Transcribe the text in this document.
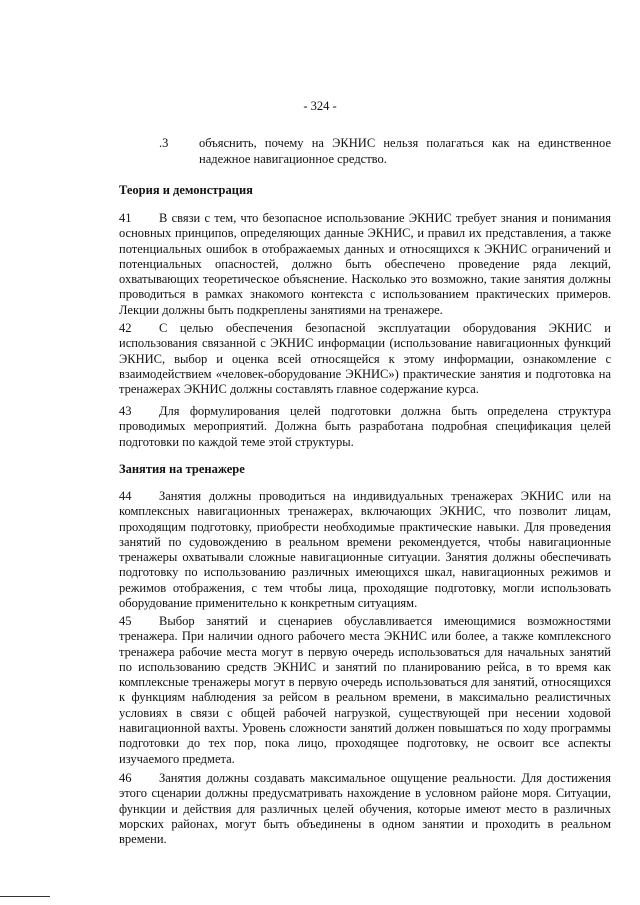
- 324 -
.3 объяснить, почему на ЭКНИС нельзя полагаться как на единственное надежное навигационное средство.
Теория и демонстрация
41 В связи с тем, что безопасное использование ЭКНИС требует знания и понимания основных принципов, определяющих данные ЭКНИС, и правил их представления, а также потенциальных ошибок в отображаемых данных и относящихся к ЭКНИС ограничений и потенциальных опасностей, должно быть обеспечено проведение ряда лекций, охватывающих теоретическое объяснение. Насколько это возможно, такие занятия должны проводиться в рамках знакомого контекста с использованием практических примеров. Лекции должны быть подкреплены занятиями на тренажере.
42 С целью обеспечения безопасной эксплуатации оборудования ЭКНИС и использования связанной с ЭКНИС информации (использование навигационных функций ЭКНИС, выбор и оценка всей относящейся к этому информации, ознакомление с взаимодействием «человек-оборудование ЭКНИС») практические занятия и подготовка на тренажерах ЭКНИС должны составлять главное содержание курса.
43 Для формулирования целей подготовки должна быть определена структура проводимых мероприятий. Должна быть разработана подробная спецификация целей подготовки по каждой теме этой структуры.
Занятия на тренажере
44 Занятия должны проводиться на индивидуальных тренажерах ЭКНИС или на комплексных навигационных тренажерах, включающих ЭКНИС, что позволит лицам, проходящим подготовку, приобрести необходимые практические навыки. Для проведения занятий по судовождению в реальном времени рекомендуется, чтобы навигационные тренажеры охватывали сложные навигационные ситуации. Занятия должны обеспечивать подготовку по использованию различных имеющихся шкал, навигационных режимов и режимов отображения, с тем чтобы лица, проходящие подготовку, могли использовать оборудование применительно к конкретным ситуациям.
45 Выбор занятий и сценариев обуславливается имеющимися возможностями тренажера. При наличии одного рабочего места ЭКНИС или более, а также комплексного тренажера рабочие места могут в первую очередь использоваться для начальных занятий по использованию средств ЭКНИС и занятий по планированию рейса, в то время как комплексные тренажеры могут в первую очередь использоваться для занятий, относящихся к функциям наблюдения за рейсом в реальном времени, в максимально реалистичных условиях в связи с общей рабочей нагрузкой, существующей при несении ходовой навигационной вахты. Уровень сложности занятий должен повышаться по ходу программы подготовки до тех пор, пока лицо, проходящее подготовку, не освоит все аспекты изучаемого предмета.
46 Занятия должны создавать максимальное ощущение реальности. Для достижения этого сценарии должны предусматривать нахождение в условном районе моря. Ситуации, функции и действия для различных целей обучения, которые имеют место в различных морских районах, могут быть объединены в одном занятии и проходить в реальном времени.
